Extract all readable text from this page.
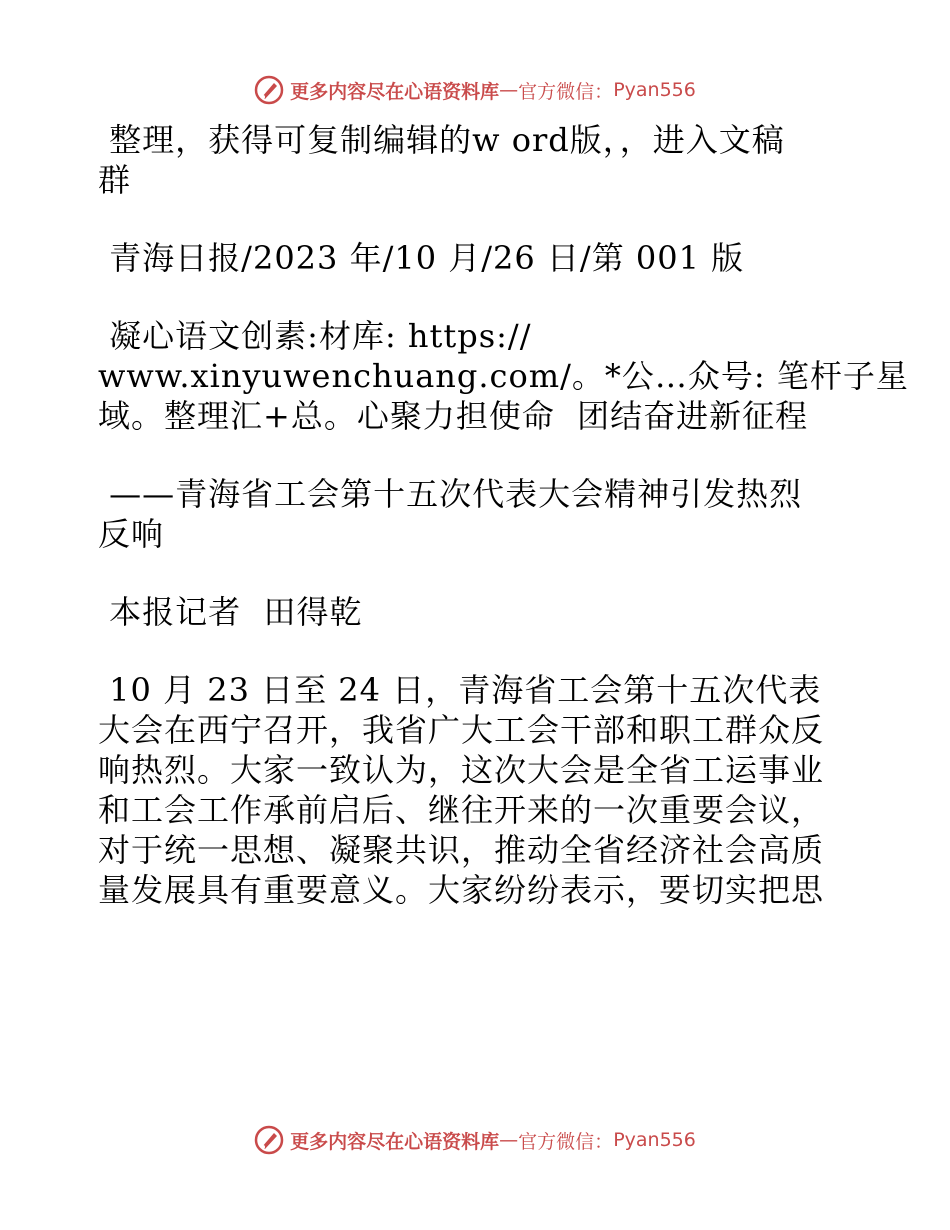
更多内容尽在心语资料库 — 官方微信： Pyan556
整理，获得可复制编辑的w ord版，，进入文稿
群
青海日报/2023 年/10 月/26 日/第 001 版
凝心语文创素:材库: https://
www.xinyuwenchuang.com/。*公…众号: 笔杆子星
域。整理汇+总。心聚力担使命  团结奋进新征程
——青海省工会第十五次代表大会精神引发热烈
反响
本报记者  田得乾
10 月 23 日至 24 日，青海省工会第十五次代表
大会在西宁召开，我省广大工会干部和职工群众反
响热烈。大家一致认为，这次大会是全省工运事业
和工会工作承前启后、继往开来的一次重要会议，
对于统一思想、凝聚共识，推动全省经济社会高质
量发展具有重要意义。大家纷纷表示，要切实把思
更多内容尽在心语资料库 — 官方微信： Pyan556
